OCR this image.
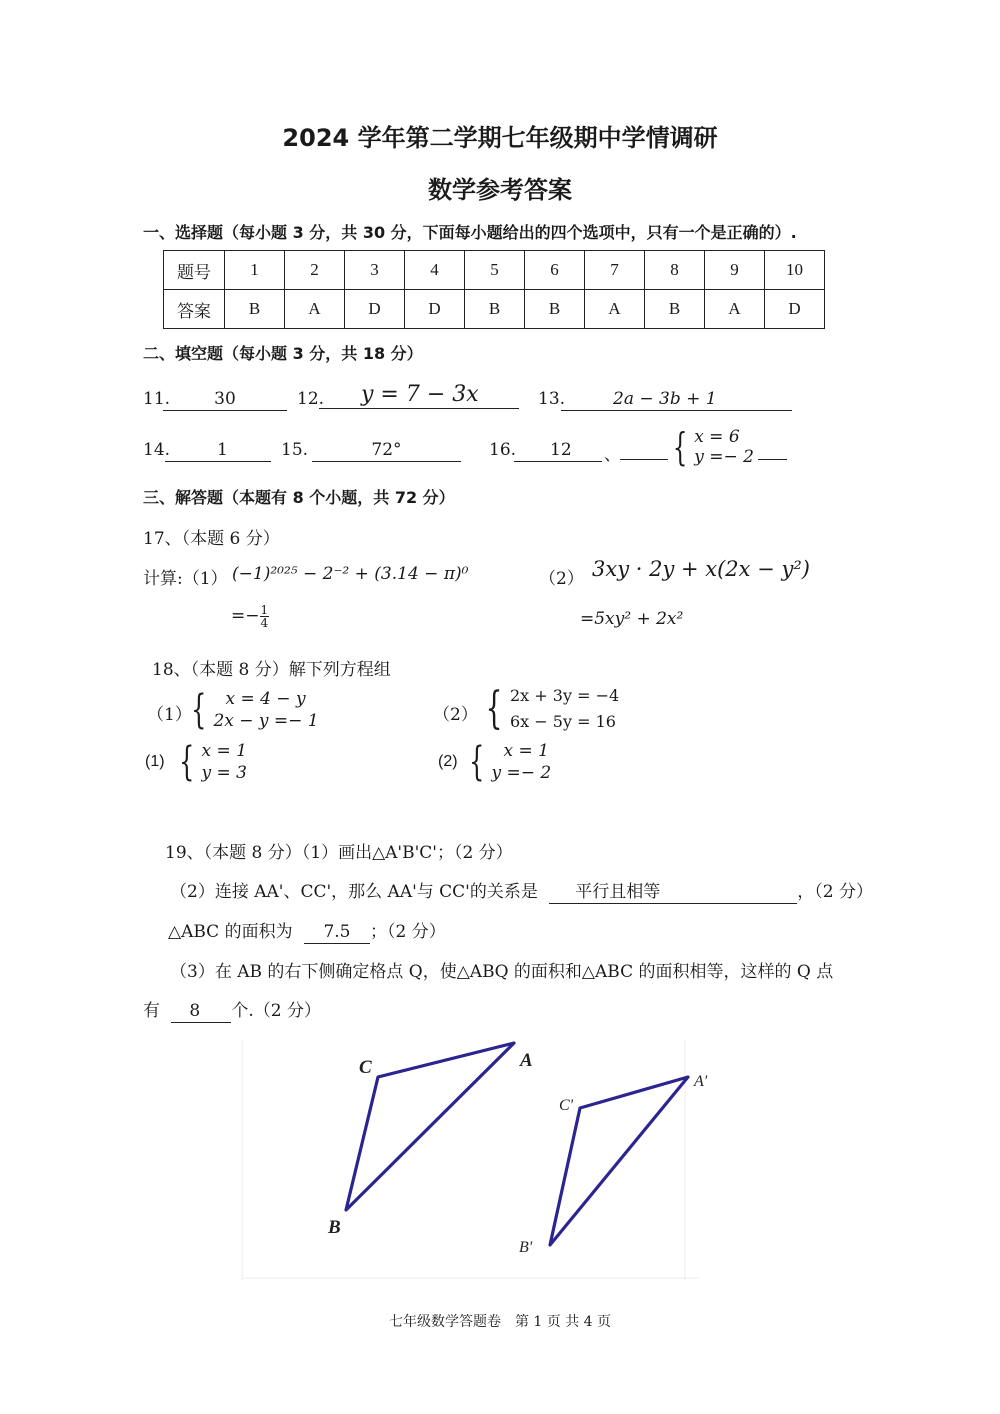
2024 学年第二学期七年级期中学情调研
数学参考答案
一、选择题（每小题 3 分，共 30 分，下面每小题给出的四个选项中，只有一个是正确的）.
题号	1	2	3	4	5	6	7	8	9	10
答案	B	A	D	D	B	B	A	B	A	D
二、填空题（每小题 3 分，共 18 分）
11.	30	12.	y = 7 − 3x	13.	2a − 3b + 1
14.	1	15.	72°	16.	12	、 { x = 6
y =− 2
三、解答题（本题有 8 个小题，共 72 分）
17、（本题 6 分）
计算:（1） (−1)²⁰²⁵ − 2⁻² + (3.14 − π)⁰	（2） 3xy · 2y + x(2x − y²)
=− $\frac{1}{4}$	=5xy² + 2x²
18、（本题 8 分）解下列方程组
（1） { x = 4 − y
2x − y =− 1	（2） { 2x + 3y = −4
6x − 5y = 16
(1) { x = 1
y = 3
(2) { x = 1
y =− 2
19、（本题 8 分）（1）画出△A'B'C'；（2 分）
（2）连接 AA'、CC'，那么 AA'与 CC'的关系是 平行且相等	，（2 分）
△ABC 的面积为 7.5 ；（2 分）
（3）在 AB 的右下侧确定格点 Q，使△ABQ 的面积和△ABC 的面积相等，这样的 Q 点
有 8 个.（2 分）
A
C
B
A'
C'
B'
七年级数学答题卷　第 1 页 共 4 页
